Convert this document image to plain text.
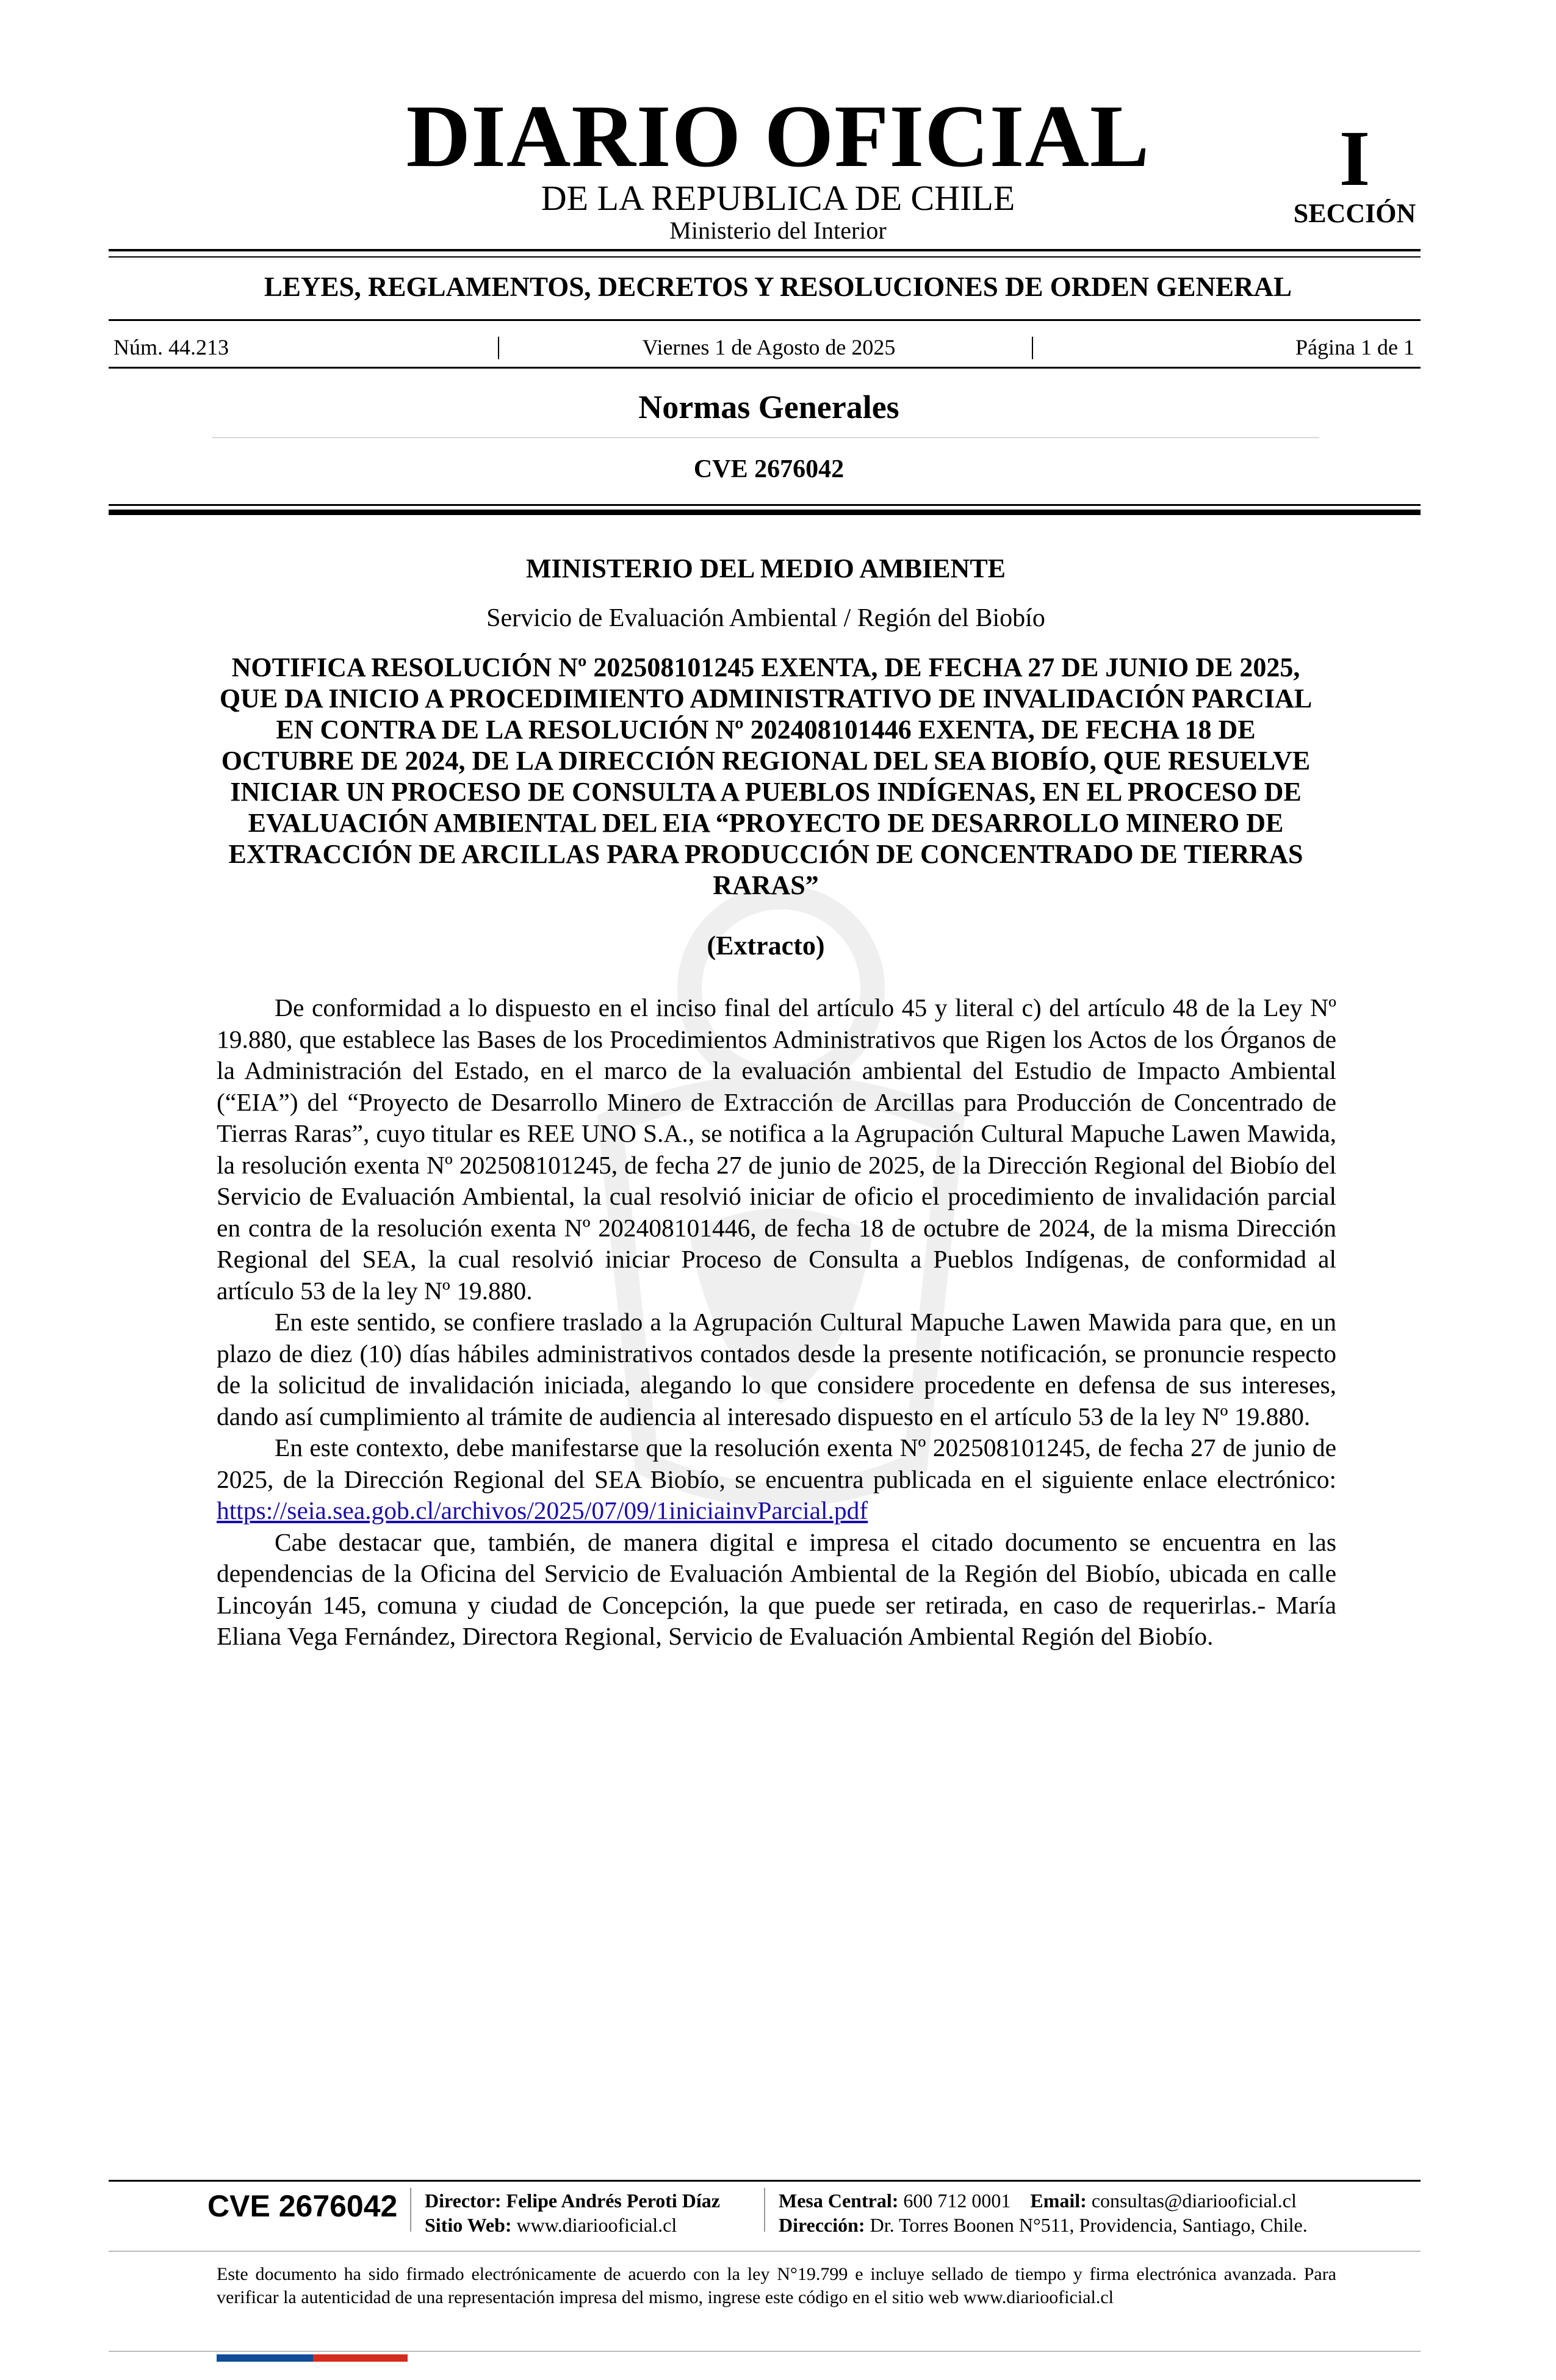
DIARIO OFICIAL
DE LA REPUBLICA DE CHILE
Ministerio del Interior
I
SECCIÓN
LEYES, REGLAMENTOS, DECRETOS Y RESOLUCIONES DE ORDEN GENERAL
Núm. 44.213	|	Viernes 1 de Agosto de 2025	|	Página 1 de 1
Normas Generales
CVE 2676042
MINISTERIO DEL MEDIO AMBIENTE
Servicio de Evaluación Ambiental / Región del Biobío
NOTIFICA RESOLUCIÓN Nº 202508101245 EXENTA, DE FECHA 27 DE JUNIO DE 2025, QUE DA INICIO A PROCEDIMIENTO ADMINISTRATIVO DE INVALIDACIÓN PARCIAL EN CONTRA DE LA RESOLUCIÓN Nº 202408101446 EXENTA, DE FECHA 18 DE OCTUBRE DE 2024, DE LA DIRECCIÓN REGIONAL DEL SEA BIOBÍO, QUE RESUELVE INICIAR UN PROCESO DE CONSULTA A PUEBLOS INDÍGENAS, EN EL PROCESO DE EVALUACIÓN AMBIENTAL DEL EIA “PROYECTO DE DESARROLLO MINERO DE EXTRACCIÓN DE ARCILLAS PARA PRODUCCIÓN DE CONCENTRADO DE TIERRAS RARAS”
(Extracto)

De conformidad a lo dispuesto en el inciso final del artículo 45 y literal c) del artículo 48 de la Ley Nº 19.880, que establece las Bases de los Procedimientos Administrativos que Rigen los Actos de los Órganos de la Administración del Estado, en el marco de la evaluación ambiental del Estudio de Impacto Ambiental (“EIA”) del “Proyecto de Desarrollo Minero de Extracción de Arcillas para Producción de Concentrado de Tierras Raras”, cuyo titular es REE UNO S.A., se notifica a la Agrupación Cultural Mapuche Lawen Mawida, la resolución exenta Nº 202508101245, de fecha 27 de junio de 2025, de la Dirección Regional del Biobío del Servicio de Evaluación Ambiental, la cual resolvió iniciar de oficio el procedimiento de invalidación parcial en contra de la resolución exenta Nº 202408101446, de fecha 18 de octubre de 2024, de la misma Dirección Regional del SEA, la cual resolvió iniciar Proceso de Consulta a Pueblos Indígenas, de conformidad al artículo 53 de la ley Nº 19.880.

En este sentido, se confiere traslado a la Agrupación Cultural Mapuche Lawen Mawida para que, en un plazo de diez (10) días hábiles administrativos contados desde la presente notificación, se pronuncie respecto de la solicitud de invalidación iniciada, alegando lo que considere procedente en defensa de sus intereses, dando así cumplimiento al trámite de audiencia al interesado dispuesto en el artículo 53 de la ley Nº 19.880.

En este contexto, debe manifestarse que la resolución exenta Nº 202508101245, de fecha 27 de junio de 2025, de la Dirección Regional del SEA Biobío, se encuentra publicada en el siguiente enlace electrónico: https://seia.sea.gob.cl/archivos/2025/07/09/1iniciainvParcial.pdf

Cabe destacar que, también, de manera digital e impresa el citado documento se encuentra en las dependencias de la Oficina del Servicio de Evaluación Ambiental de la Región del Biobío, ubicada en calle Lincoyán 145, comuna y ciudad de Concepción, la que puede ser retirada, en caso de requerirlas.- María Eliana Vega Fernández, Directora Regional, Servicio de Evaluación Ambiental Región del Biobío.

CVE 2676042 Director: Felipe Andrés Peroti Díaz
Sitio Web: www.diariooficial.cl
Mesa Central: 600 712 0001 Email: consultas@diariooficial.cl
Dirección: Dr. Torres Boonen N°511, Providencia, Santiago, Chile.
Este documento ha sido firmado electrónicamente de acuerdo con la ley N°19.799 e incluye sellado de tiempo y firma electrónica avanzada. Para verificar la autenticidad de una representación impresa del mismo, ingrese este código en el sitio web www.diariooficial.cl
